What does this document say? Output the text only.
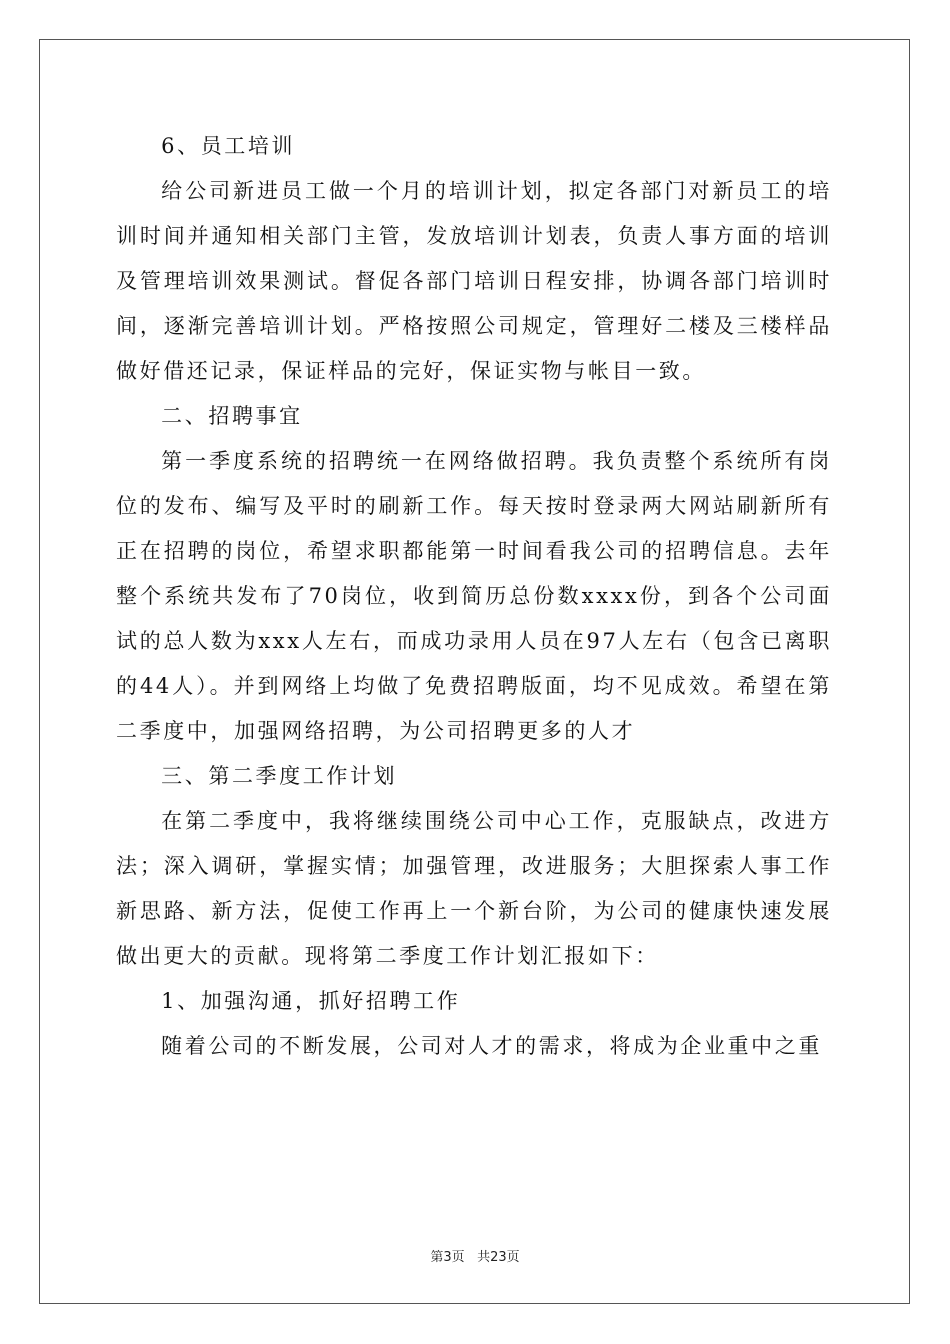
6、员工培训

给公司新进员工做一个月的培训计划，拟定各部门对新员工的培训时间并通知相关部门主管，发放培训计划表，负责人事方面的培训及管理培训效果测试。督促各部门培训日程安排，协调各部门培训时间，逐渐完善培训计划。严格按照公司规定，管理好二楼及三楼样品做好借还记录，保证样品的完好，保证实物与帐目一致。

二、招聘事宜

第一季度系统的招聘统一在网络做招聘。我负责整个系统所有岗位的发布、编写及平时的刷新工作。每天按时登录两大网站刷新所有正在招聘的岗位，希望求职都能第一时间看我公司的招聘信息。去年整个系统共发布了70岗位，收到简历总份数xxxx份，到各个公司面试的总人数为xxx人左右，而成功录用人员在97人左右（包含已离职的44人）。并到网络上均做了免费招聘版面，均不见成效。希望在第二季度中，加强网络招聘，为公司招聘更多的人才

三、第二季度工作计划

在第二季度中，我将继续围绕公司中心工作，克服缺点，改进方法；深入调研，掌握实情；加强管理，改进服务；大胆探索人事工作新思路、新方法，促使工作再上一个新台阶，为公司的健康快速发展做出更大的贡献。现将第二季度工作计划汇报如下：

1、加强沟通，抓好招聘工作

随着公司的不断发展，公司对人才的需求，将成为企业重中之重

第3页 共23页
